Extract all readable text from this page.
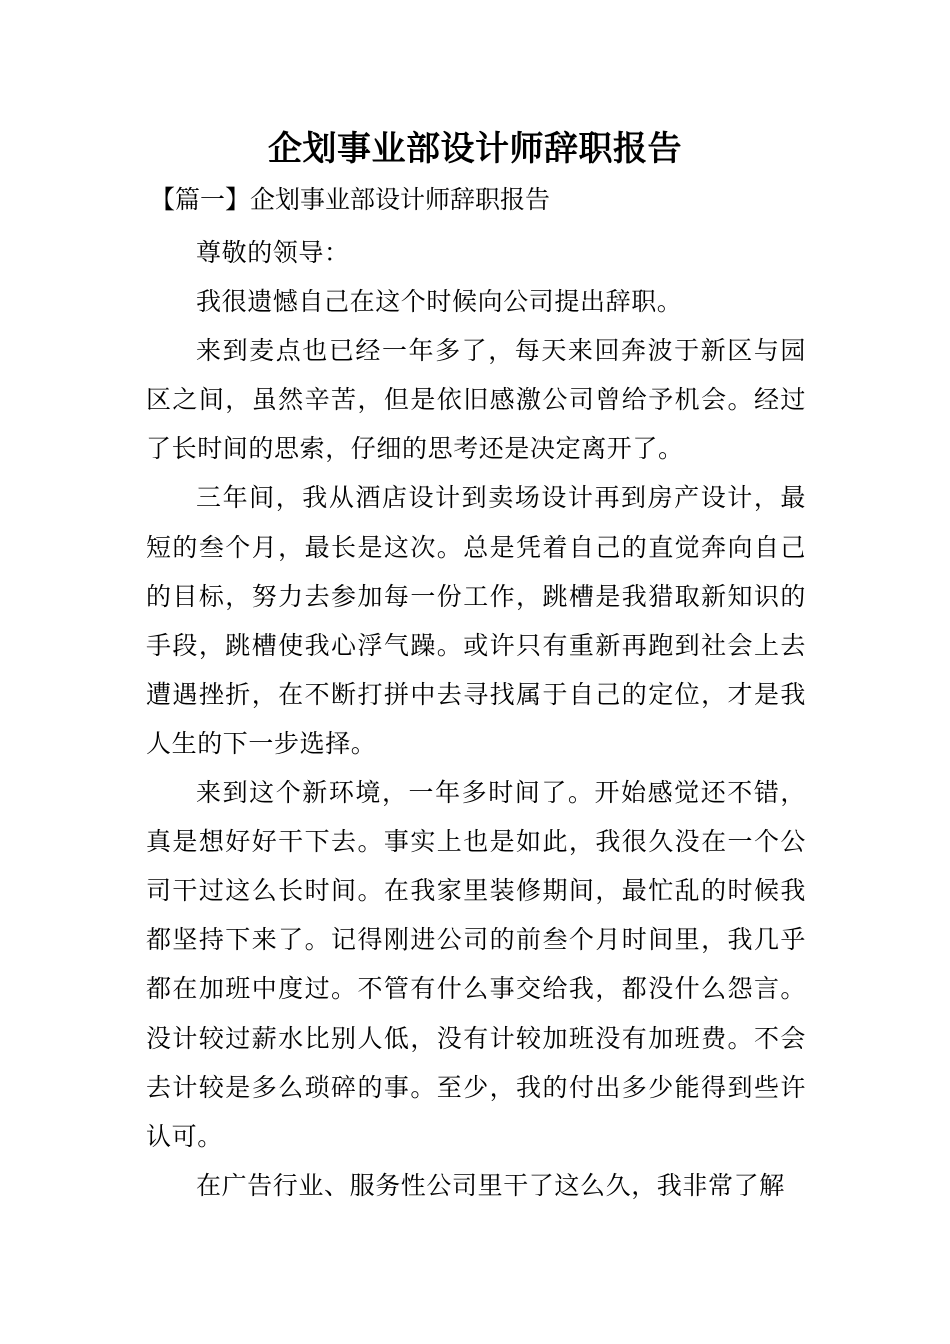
企划事业部设计师辞职报告
【篇一】企划事业部设计师辞职报告

尊敬的领导：

我很遗憾自己在这个时候向公司提出辞职。

来到麦点也已经一年多了，每天来回奔波于新区与园区之间，虽然辛苦，但是依旧感激公司曾给予机会。经过了长时间的思索，仔细的思考还是决定离开了。

三年间，我从酒店设计到卖场设计再到房产设计，最短的叁个月，最长是这次。总是凭着自己的直觉奔向自己的目标，努力去参加每一份工作，跳槽是我猎取新知识的手段，跳槽使我心浮气躁。或许只有重新再跑到社会上去遭遇挫折，在不断打拼中去寻找属于自己的定位，才是我人生的下一步选择。

来到这个新环境，一年多时间了。开始感觉还不错，真是想好好干下去。事实上也是如此，我很久没在一个公司干过这么长时间。在我家里装修期间，最忙乱的时候我都坚持下来了。记得刚进公司的前叁个月时间里，我几乎都在加班中度过。不管有什么事交给我，都没什么怨言。没计较过薪水比别人低，没有计较加班没有加班费。不会去计较是多么琐碎的事。至少，我的付出多少能得到些许认可。

在广告行业、服务性公司里干了这么久，我非常了解
